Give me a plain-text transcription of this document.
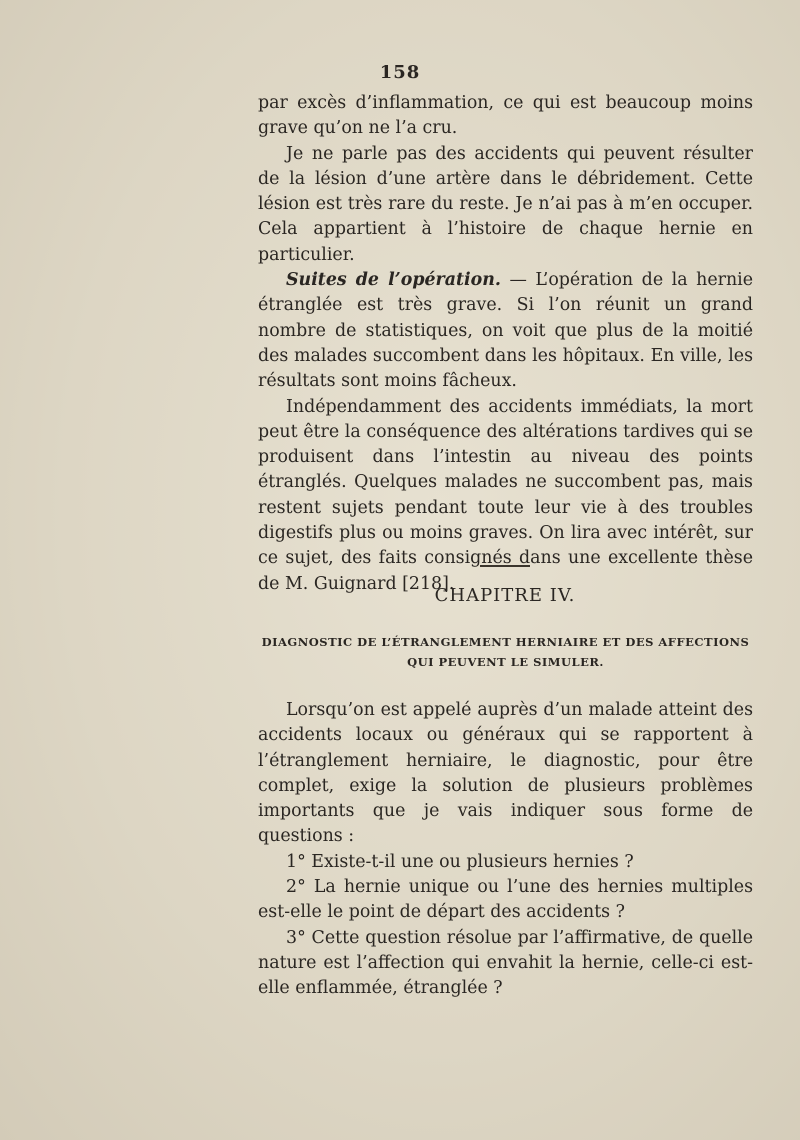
158

par excès d’inflammation, ce qui est beaucoup moins grave qu’on ne l’a cru.

Je ne parle pas des accidents qui peuvent résulter de la lésion d’une artère dans le débridement. Cette lésion est très rare du reste. Je n’ai pas à m’en occuper. Cela appartient à l’histoire de chaque hernie en particulier.

Suites de l’opération. — L’opération de la hernie étranglée est très grave. Si l’on réunit un grand nombre de statistiques, on voit que plus de la moitié des malades succombent dans les hôpitaux. En ville, les résultats sont moins fâcheux.

Indépendamment des accidents immédiats, la mort peut être la conséquence des altérations tardives qui se produisent dans l’intestin au niveau des points étranglés. Quelques malades ne succombent pas, mais restent sujets pendant toute leur vie à des troubles digestifs plus ou moins graves. On lira avec intérêt, sur ce sujet, des faits consignés dans une excellente thèse de M. Guignard [218].

CHAPITRE IV.
DIAGNOSTIC DE L’ÉTRANGLEMENT HERNIAIRE ET DES AFFECTIONS
QUI PEUVENT LE SIMULER.

Lorsqu’on est appelé auprès d’un malade atteint des accidents locaux ou généraux qui se rapportent à l’étranglement herniaire, le diagnostic, pour être complet, exige la solution de plusieurs problèmes importants que je vais indiquer sous forme de questions :

1° Existe-t-il une ou plusieurs hernies ?

2° La hernie unique ou l’une des hernies multiples est-elle le point de départ des accidents ?

3° Cette question résolue par l’affirmative, de quelle nature est l’affection qui envahit la hernie, celle-ci est-elle enflammée, étranglée ?
